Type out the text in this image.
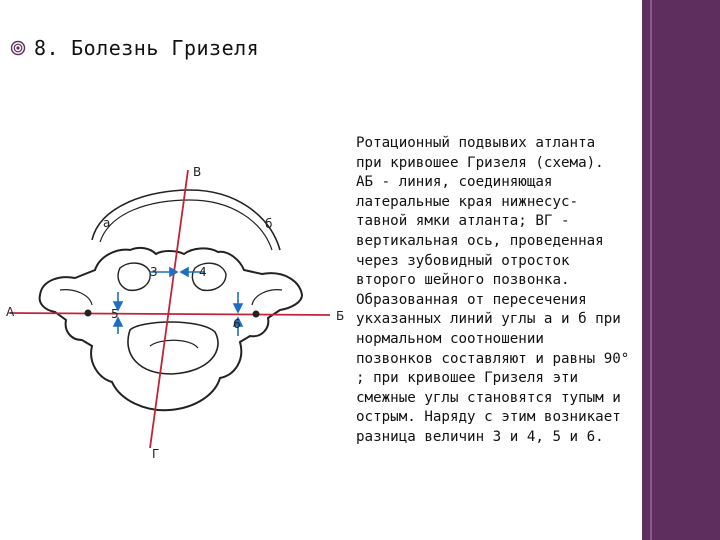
8. Болезнь Гризеля
А	Б
В
Г
а	б
3	4
5
6
Ротационный подвывих атланта
при кривошее Гризеля (схема).
АБ - линия, соединяющая
латеральные края нижнесус-
тавной ямки атланта; ВГ -
вертикальная ось, проведенная
через зубовидный отросток
второго шейного позвонка.
Образованная от пересечения
укхазанных линий углы а и б при
нормальном соотношении
позвонков составляют и равны 90°
; при кривошее Гризеля эти
смежные углы становятся тупым и
острым. Наряду с этим возникает
разница величин 3 и 4, 5 и 6.
